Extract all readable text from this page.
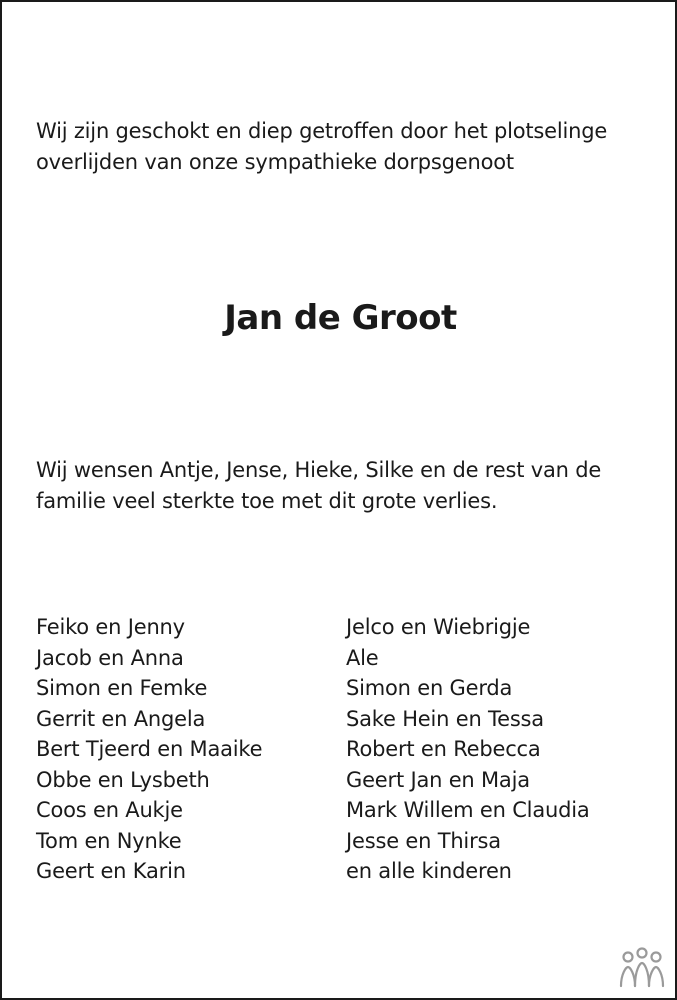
Wij zijn geschokt en diep getroffen door het plotselinge

overlijden van onze sympathieke dorpsgenoot

Jan de Groot

Wij wensen Antje, Jense, Hieke, Silke en de rest van de

familie veel sterkte toe met dit grote verlies.

Feiko en Jenny
Jacob en Anna
Simon en Femke
Gerrit en Angela
Bert Tjeerd en Maaike
Obbe en Lysbeth
Coos en Aukje
Tom en Nynke
Geert en Karin
Jelco en Wiebrigje
Ale
Simon en Gerda
Sake Hein en Tessa
Robert en Rebecca
Geert Jan en Maja
Mark Willem en Claudia
Jesse en Thirsa
en alle kinderen
